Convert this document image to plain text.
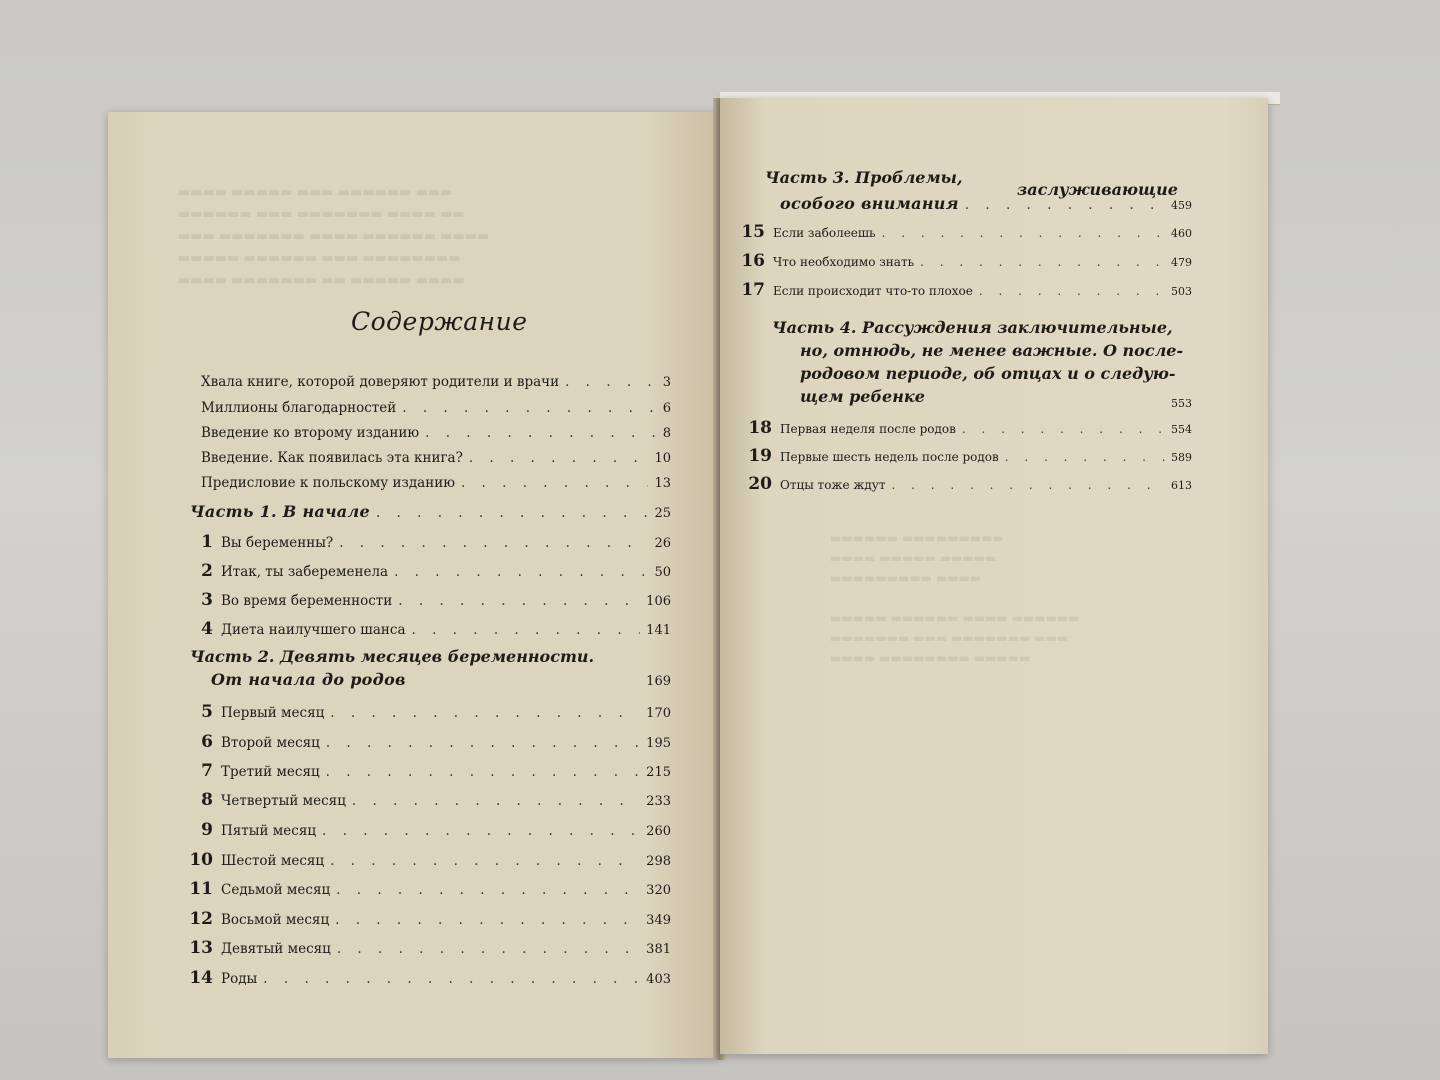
▬▬▬▬ ▬▬▬▬▬ ▬▬▬ ▬▬▬▬▬▬ ▬▬▬
▬▬▬▬▬▬ ▬▬▬ ▬▬▬▬▬▬▬ ▬▬▬▬ ▬▬
▬▬▬ ▬▬▬▬▬▬▬ ▬▬▬▬ ▬▬▬▬▬▬ ▬▬▬▬
▬▬▬▬▬ ▬▬▬▬▬▬ ▬▬▬ ▬▬▬▬▬▬▬▬
▬▬▬▬ ▬▬▬▬▬▬▬ ▬▬ ▬▬▬▬▬ ▬▬▬▬
Содержание
Хвала книге, которой доверяют родители и врачи . . .	3
Миллионы благодарностей . . .	6
Введение ко второму изданию . . .	8
Введение. Как появилась эта книга? . . .	10
Предисловие к польскому изданию . . .	13
Часть 1. В начале . . .	25
1 Вы беременны? . . .	26
2 Итак, ты забеременела . . .	50
3 Во время беременности . . .	106
4 Диета наилучшего шанса . . .	141
Часть 2. Девять месяцев беременности.
От начала до родов	169
5 Первый месяц . . .	170
6 Второй месяц . . .	195
7 Третий месяц . . .	215
8 Четвертый месяц . . .	233
9 Пятый месяц . . .	260
10 Шестой месяц . . .	298
11 Седьмой месяц . . .	320
12 Восьмой месяц . . .	349
13 Девятый месяц . . .	381
14 Роды . . .	403
▬▬▬▬▬▬ ▬▬▬▬▬▬▬▬▬
▬▬▬▬ ▬▬▬▬▬ ▬▬▬▬▬
▬▬▬▬▬▬▬▬▬ ▬▬▬▬

▬▬▬▬▬ ▬▬▬▬▬▬ ▬▬▬▬ ▬▬▬▬▬▬
▬▬▬▬▬▬▬ ▬▬▬ ▬▬▬▬▬▬▬ ▬▬▬
▬▬▬▬ ▬▬▬▬▬▬▬▬ ▬▬▬▬▬
Часть 3. Проблемы,
заслуживающие
особого внимания . . .	459
15 Если заболеешь . . .	460
16 Что необходимо знать . . .	479
17 Если происходит что-то плохое . . .	503
Часть 4. Рассуждения заключительные,
но, отнюдь, не менее важные. О после-
родовом периоде, об отцах и о следую-
щем ребенке	553
18 Первая неделя после родов . . .	554
19 Первые шесть недель после родов . . .	589
20 Отцы тоже ждут . . .	613
